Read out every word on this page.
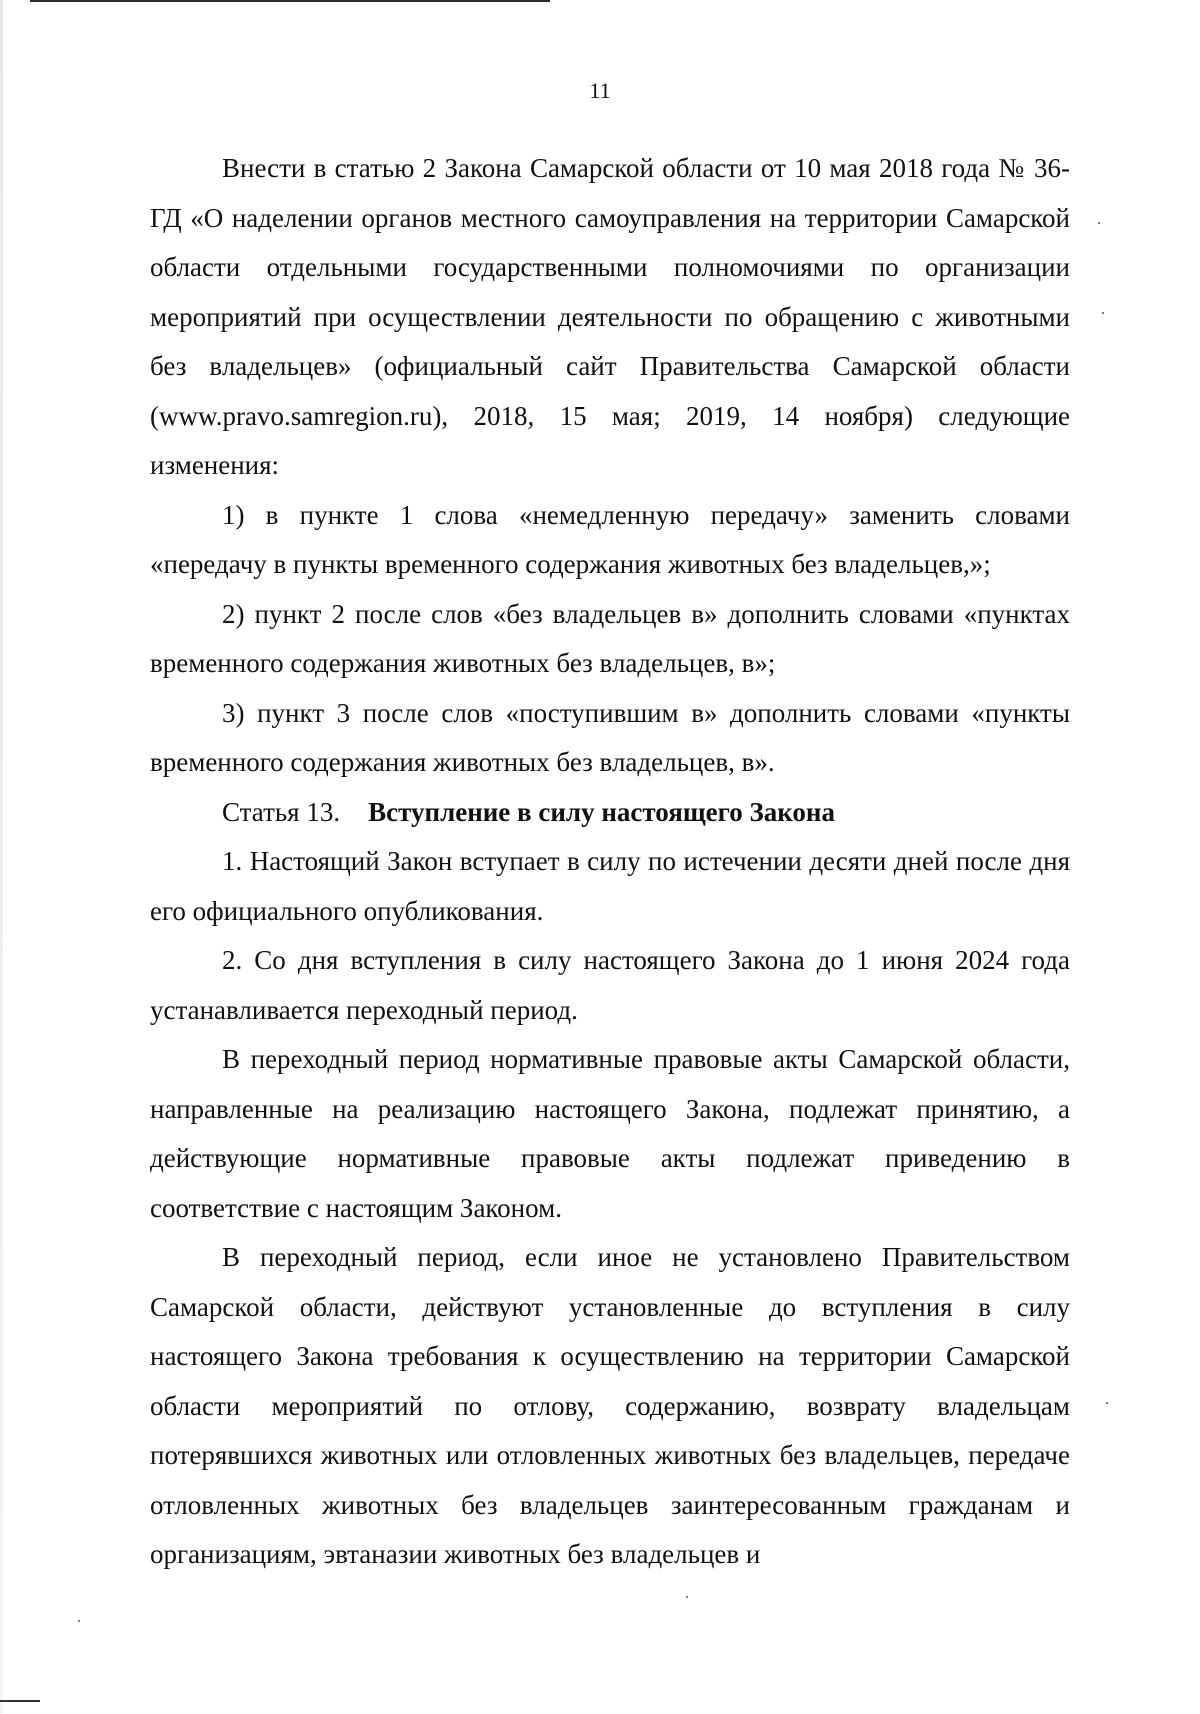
11

Внести в статью 2 Закона Самарской области от 10 мая 2018 года № 36-ГД «О наделении органов местного самоуправления на территории Самарской области отдельными государственными полномочиями по организации мероприятий при осуществлении деятельности по обращению с животными без владельцев» (официальный сайт Правительства Самарской области (www.pravo.samregion.ru), 2018, 15 мая; 2019, 14 ноября) следующие изменения:

1) в пункте 1 слова «немедленную передачу» заменить словами «передачу в пункты временного содержания животных без владельцев,»;

2) пункт 2 после слов «без владельцев в» дополнить словами «пунктах временного содержания животных без владельцев, в»;

3) пункт 3 после слов «поступившим в» дополнить словами «пункты временного содержания животных без владельцев, в».

Статья 13. Вступление в силу настоящего Закона

1. Настоящий Закон вступает в силу по истечении десяти дней после дня его официального опубликования.

2. Со дня вступления в силу настоящего Закона до 1 июня 2024 года устанавливается переходный период.

В переходный период нормативные правовые акты Самарской области, направленные на реализацию настоящего Закона, подлежат принятию, а действующие нормативные правовые акты подлежат приведению в соответствие с настоящим Законом.

В переходный период, если иное не установлено Правительством Самарской области, действуют установленные до вступления в силу настоящего Закона требования к осуществлению на территории Самарской области мероприятий по отлову, содержанию, возврату владельцам потерявшихся животных или отловленных животных без владельцев, передаче отловленных животных без владельцев заинтересованным гражданам и организациям, эвтаназии животных без владельцев и
